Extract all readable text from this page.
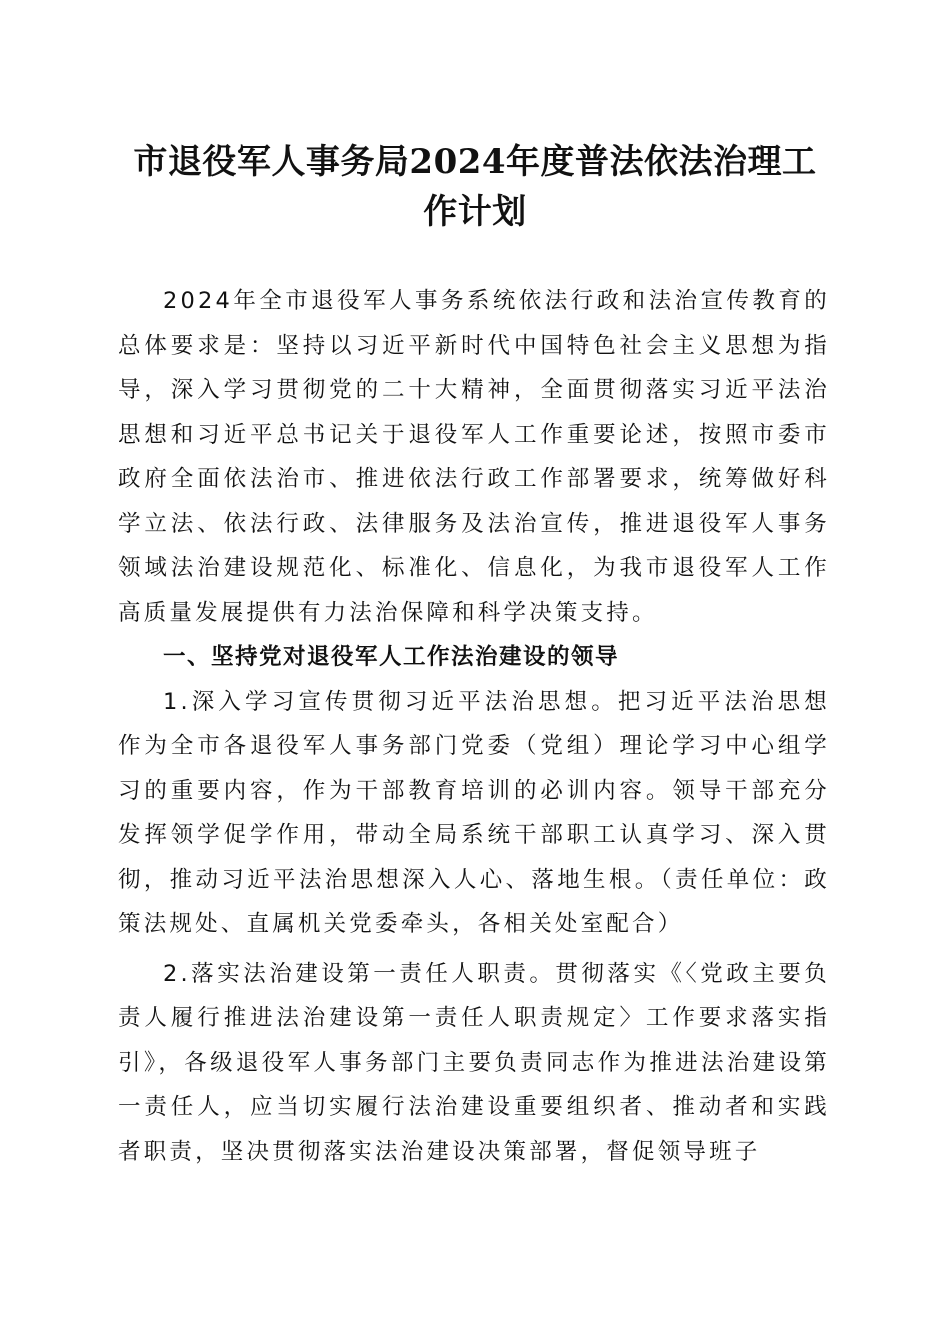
市退役军人事务局2024年度普法依法治理工作计划

2024年全市退役军人事务系统依法行政和法治宣传教育的总体要求是：坚持以习近平新时代中国特色社会主义思想为指导，深入学习贯彻党的二十大精神，全面贯彻落实习近平法治思想和习近平总书记关于退役军人工作重要论述，按照市委市政府全面依法治市、推进依法行政工作部署要求，统筹做好科学立法、依法行政、法律服务及法治宣传，推进退役军人事务领域法治建设规范化、标准化、信息化，为我市退役军人工作高质量发展提供有力法治保障和科学决策支持。

一、坚持党对退役军人工作法治建设的领导

1.深入学习宣传贯彻习近平法治思想。把习近平法治思想作为全市各退役军人事务部门党委（党组）理论学习中心组学习的重要内容，作为干部教育培训的必训内容。领导干部充分发挥领学促学作用，带动全局系统干部职工认真学习、深入贯彻，推动习近平法治思想深入人心、落地生根。（责任单位：政策法规处、直属机关党委牵头，各相关处室配合）

2.落实法治建设第一责任人职责。贯彻落实《〈党政主要负责人履行推进法治建设第一责任人职责规定〉工作要求落实指引》，各级退役军人事务部门主要负责同志作为推进法治建设第一责任人，应当切实履行法治建设重要组织者、推动者和实践者职责，坚决贯彻落实法治建设决策部署，督促领导班子
